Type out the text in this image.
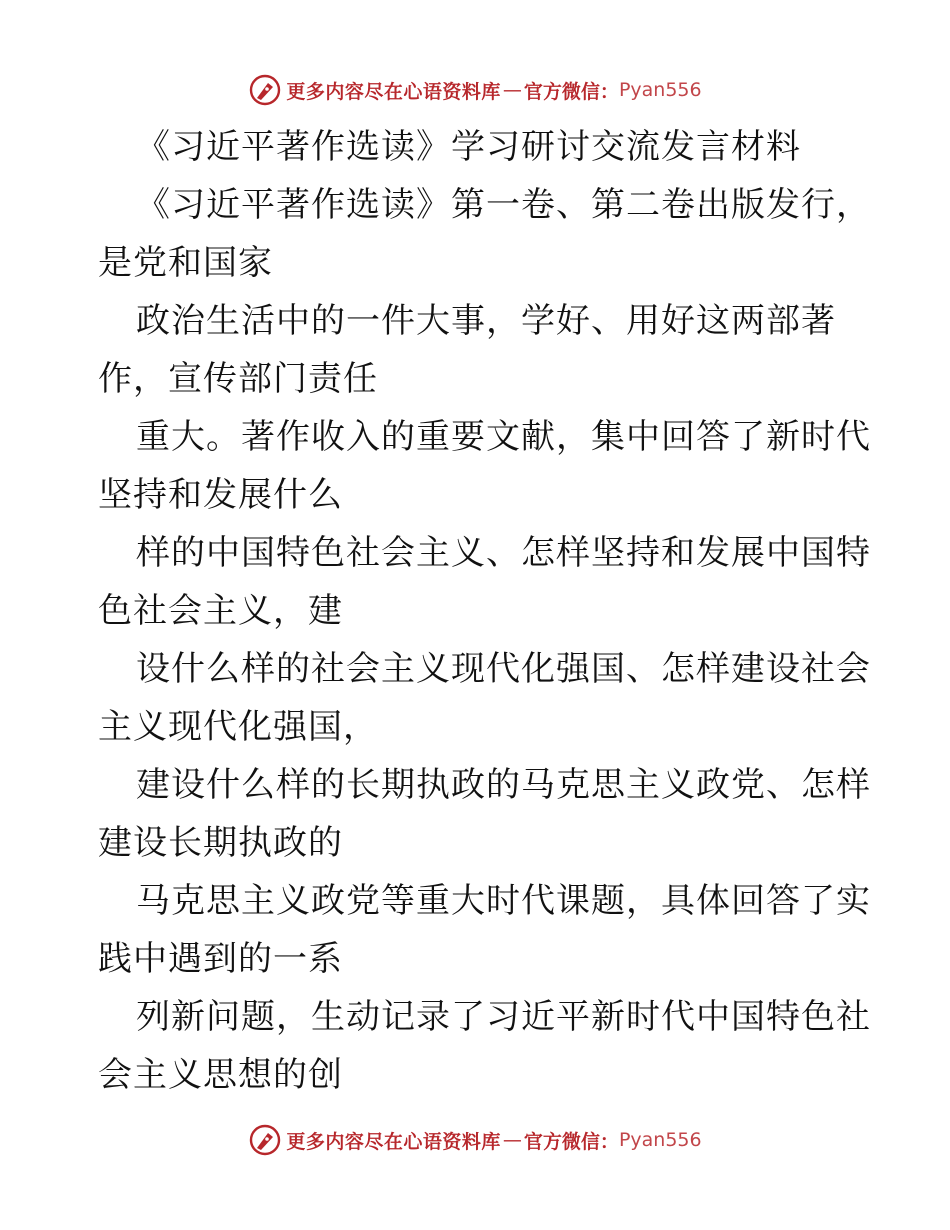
更多内容尽在心语资料库 — 官方微信： Pyan556
《习近平著作选读》学习研讨交流发言材料
《习近平著作选读》第一卷、第二卷出版发行，
是党和国家
政治生活中的一件大事，学好、用好这两部著
作，宣传部门责任
重大。著作收入的重要文献，集中回答了新时代
坚持和发展什么
样的中国特色社会主义、怎样坚持和发展中国特
色社会主义，建
设什么样的社会主义现代化强国、怎样建设社会
主义现代化强国，
建设什么样的长期执政的马克思主义政党、怎样
建设长期执政的
马克思主义政党等重大时代课题，具体回答了实
践中遇到的一系
列新问题，生动记录了习近平新时代中国特色社
会主义思想的创
更多内容尽在心语资料库 — 官方微信： Pyan556
